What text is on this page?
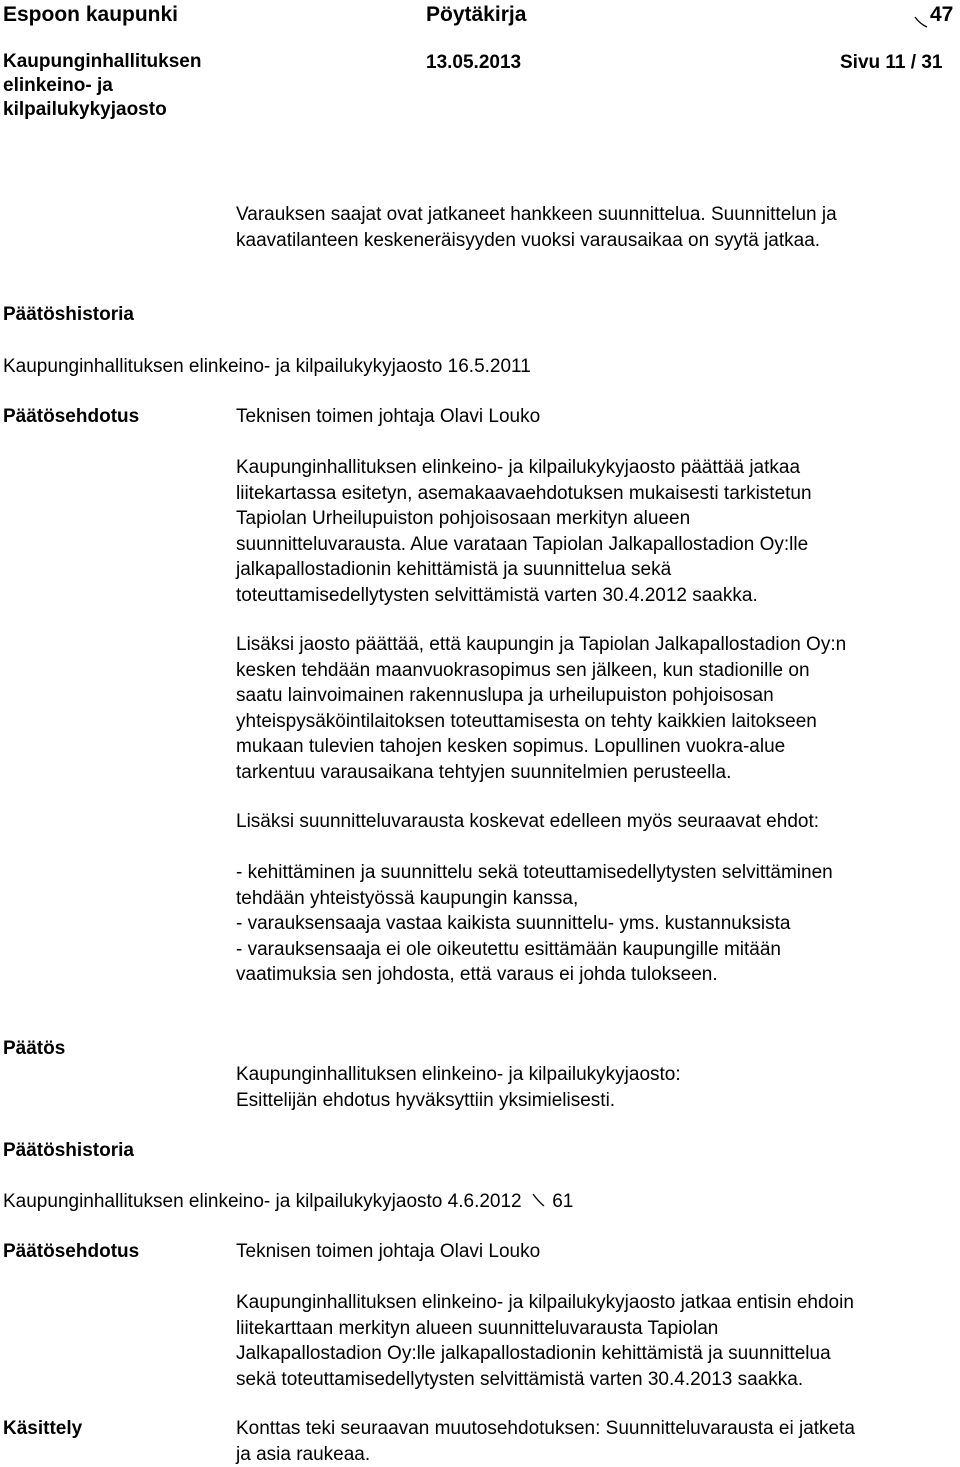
Espoon kaupunki	Pöytäkirja	47
Kaupunginhallituksen
elinkeino- ja
kilpailukykyjaosto
13.05.2013	Sivu 11 / 31
Varauksen saajat ovat jatkaneet hankkeen suunnittelua. Suunnittelun ja
kaavatilanteen keskeneräisyyden vuoksi varausaikaa on syytä jatkaa.
Päätöshistoria
Kaupunginhallituksen elinkeino- ja kilpailukykyjaosto 16.5.2011
Päätösehdotus	Teknisen toimen johtaja Olavi Louko
Kaupunginhallituksen elinkeino- ja kilpailukykyjaosto päättää jatkaa
liitekartassa esitetyn, asemakaavaehdotuksen mukaisesti tarkistetun
Tapiolan Urheilupuiston pohjoisosaan merkityn alueen
suunnitteluvarausta. Alue varataan Tapiolan Jalkapallostadion Oy:lle
jalkapallostadionin kehittämistä ja suunnittelua sekä
toteuttamisedellytysten selvittämistä varten 30.4.2012 saakka.
Lisäksi jaosto päättää, että kaupungin ja Tapiolan Jalkapallostadion Oy:n
kesken tehdään maanvuokrasopimus sen jälkeen, kun stadionille on
saatu lainvoimainen rakennuslupa ja urheilupuiston pohjoisosan
yhteispysäköintilaitoksen toteuttamisesta on tehty kaikkien laitokseen
mukaan tulevien tahojen kesken sopimus. Lopullinen vuokra-alue
tarkentuu varausaikana tehtyjen suunnitelmien perusteella.
Lisäksi suunnitteluvarausta koskevat edelleen myös seuraavat ehdot:
- kehittäminen ja suunnittelu sekä toteuttamisedellytysten selvittäminen
tehdään yhteistyössä kaupungin kanssa,
- varauksensaaja vastaa kaikista suunnittelu- yms. kustannuksista
- varauksensaaja ei ole oikeutettu esittämään kaupungille mitään
vaatimuksia sen johdosta, että varaus ei johda tulokseen.
Päätös
Kaupunginhallituksen elinkeino- ja kilpailukykyjaosto:
Esittelijän ehdotus hyväksyttiin yksimielisesti.
Päätöshistoria
Kaupunginhallituksen elinkeino- ja kilpailukykyjaosto 4.6.2012 61
Päätösehdotus	Teknisen toimen johtaja Olavi Louko
Kaupunginhallituksen elinkeino- ja kilpailukykyjaosto jatkaa entisin ehdoin
liitekarttaan merkityn alueen suunnitteluvarausta Tapiolan
Jalkapallostadion Oy:lle jalkapallostadionin kehittämistä ja suunnittelua
sekä toteuttamisedellytysten selvittämistä varten 30.4.2013 saakka.
Käsittely	Konttas teki seuraavan muutosehdotuksen: Suunnitteluvarausta ei jatketa
ja asia raukeaa.
